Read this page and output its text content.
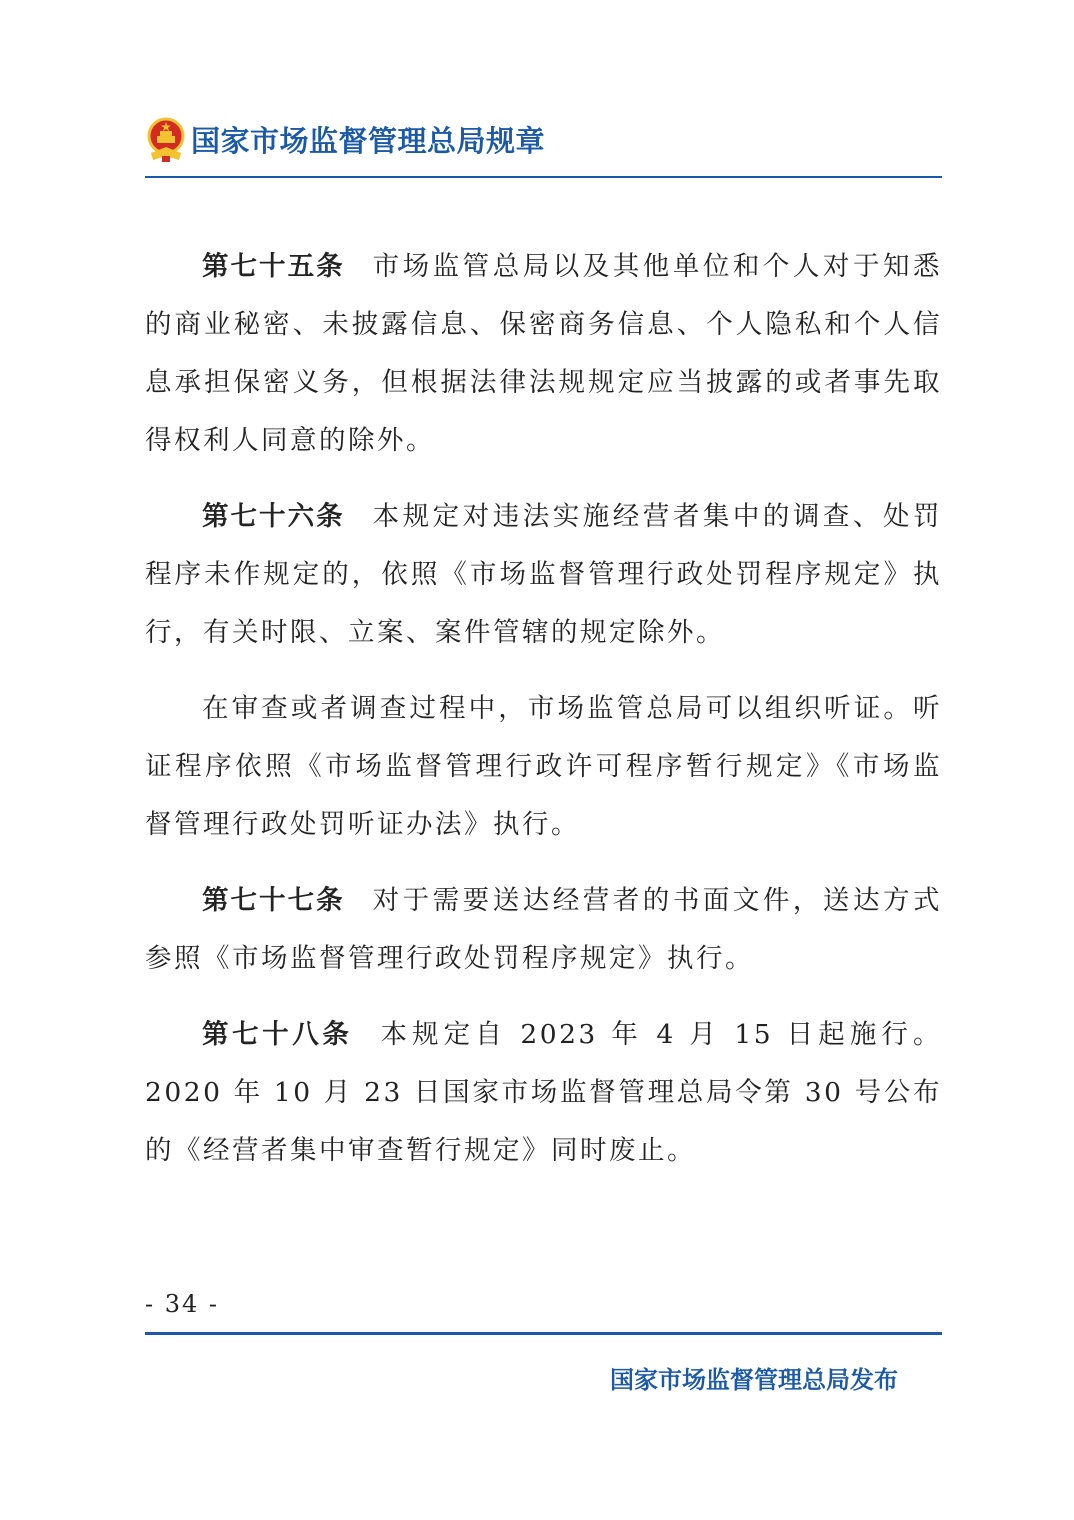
国家市场监督管理总局规章

第七十五条 市场监管总局以及其他单位和个人对于知悉的商业秘密、未披露信息、保密商务信息、个人隐私和个人信息承担保密义务，但根据法律法规规定应当披露的或者事先取得权利人同意的除外。

第七十六条 本规定对违法实施经营者集中的调查、处罚程序未作规定的，依照《市场监督管理行政处罚程序规定》执行，有关时限、立案、案件管辖的规定除外。

在审查或者调查过程中，市场监管总局可以组织听证。听证程序依照《市场监督管理行政许可程序暂行规定》《市场监督管理行政处罚听证办法》执行。

第七十七条 对于需要送达经营者的书面文件，送达方式参照《市场监督管理行政处罚程序规定》执行。

第七十八条 本规定自 2023 年 4 月 15 日起施行。2020 年 10 月 23 日国家市场监督管理总局令第 30 号公布的《经营者集中审查暂行规定》同时废止。

- 34 -
国家市场监督管理总局发布
